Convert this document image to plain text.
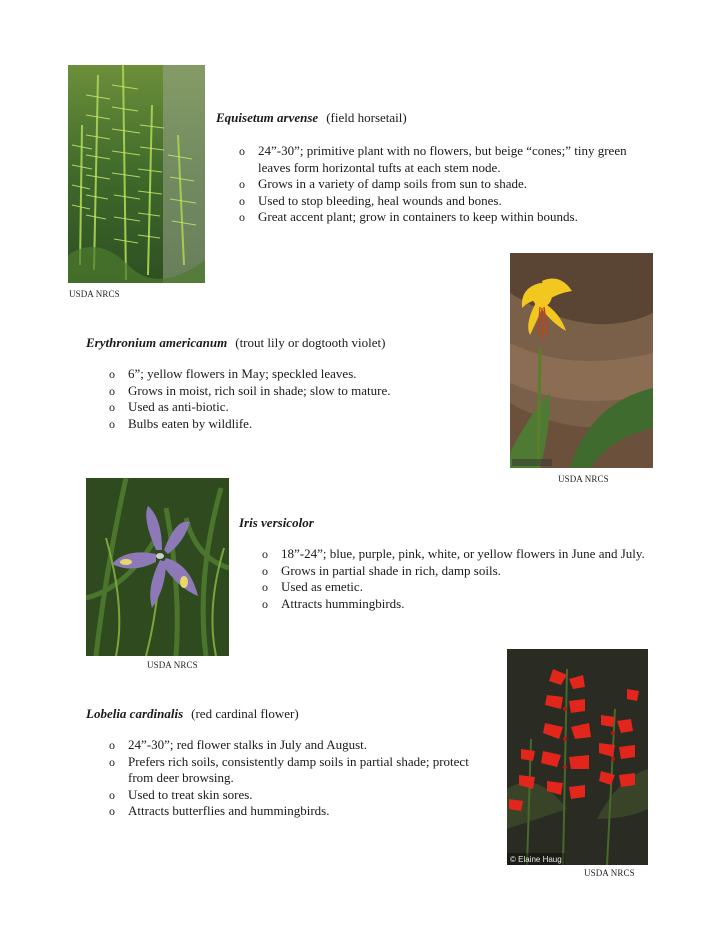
USDA NRCS
Equisetum arvense (field horsetail)
o 24”-30”; primitive plant with no flowers, but beige “cones;” tiny green leaves form horizontal tufts at each stem node.
o Grows in a variety of damp soils from sun to shade.
o Used to stop bleeding, heal wounds and bones.
o Great accent plant; grow in containers to keep within bounds.
USDA NRCS
Erythronium americanum (trout lily or dogtooth violet)
o 6”; yellow flowers in May; speckled leaves.
o Grows in moist, rich soil in shade; slow to mature.
o Used as anti-biotic.
o Bulbs eaten by wildlife.
USDA NRCS
Iris versicolor
o 18”-24”; blue, purple, pink, white, or yellow flowers in June and July.
o Grows in partial shade in rich, damp soils.
o Used as emetic.
o Attracts hummingbirds.
© Elaine Haug
USDA NRCS
Lobelia cardinalis (red cardinal flower)
o 24”-30”; red flower stalks in July and August.
o Prefers rich soils, consistently damp soils in partial shade; protect from deer browsing.
o Used to treat skin sores.
o Attracts butterflies and hummingbirds.
